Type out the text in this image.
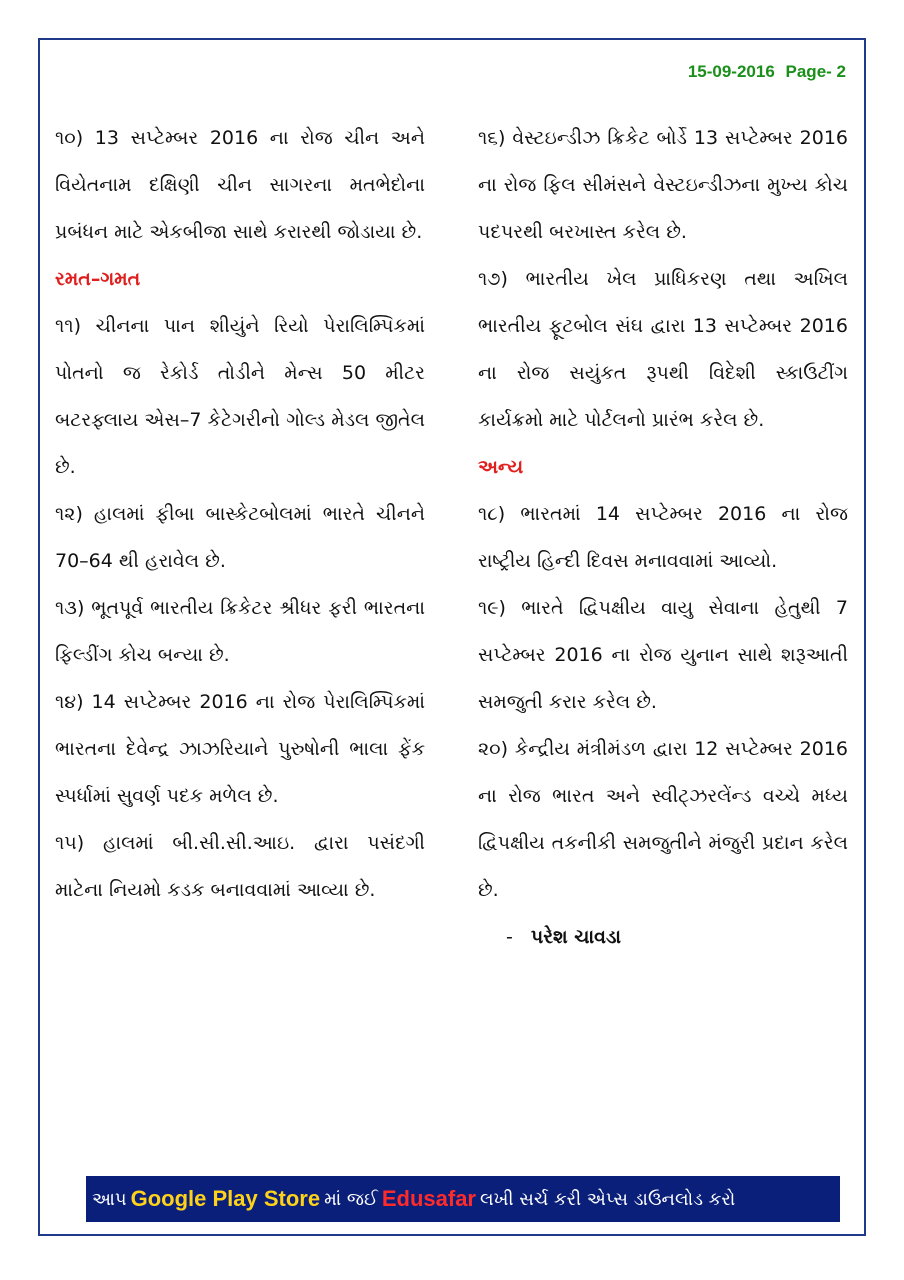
15-09-2016 Page- 2

૧૦) 13 સપ્ટેમ્બર 2016 ના રોજ ચીન અને વિયેતનામ દક્ષિણી ચીન સાગરના મતભેદોના પ્રબંધન માટે એકબીજા સાથે કરારથી જોડાયા છે.

રમત–ગમત

૧૧) ચીનના પાન શીયુંને રિયો પેરાલિમ્પિકમાં પોતનો જ રેકોર્ડ તોડીને મેન્સ 50 મીટર બટરફ્લાય એસ–7 કેટેગરીનો ગોલ્ડ મેડલ જીતેલ છે.

૧૨) હાલમાં ફીબા બાસ્કેટબોલમાં ભારતે ચીનને 70–64 થી હરાવેલ છે.

૧૩) ભૂતપૂર્વ ભારતીય ક્રિકેટર શ્રીધર ફરી ભારતના ફિલ્ડીંગ કોચ બન્યા છે.

૧૪) 14 સપ્ટેમ્બર 2016 ના રોજ પેરાલિમ્પિકમાં ભારતના દેવેન્દ્ર ઝાઝરિયાને પુરુષોની ભાલા ફેંક સ્પર્ધામાં સુવર્ણ પદક મળેલ છે.

૧૫) હાલમાં બી.સી.સી.આઇ. દ્વારા પસંદગી માટેના નિયમો કડક બનાવવામાં આવ્યા છે.

૧૬) વેસ્ટઇન્ડીઝ ક્રિકેટ બોર્ડે 13 સપ્ટેમ્બર 2016 ના રોજ ફિલ સીમંસને વેસ્ટઇન્ડીઝના મુખ્ય કોચ પદપરથી બરખાસ્ત કરેલ છે.

૧૭) ભારતીય ખેલ પ્રાધિકરણ તથા અખિલ ભારતીય ફૂટબોલ સંઘ દ્વારા 13 સપ્ટેમ્બર 2016 ના રોજ સયુંકત રૂપથી વિદેશી સ્કાઉટીંગ કાર્યક્રમો માટે પોર્ટલનો પ્રારંભ કરેલ છે.

અન્ય

૧૮) ભારતમાં 14 સપ્ટેમ્બર 2016 ના રોજ રાષ્ટ્રીય હિન્દી દિવસ મનાવવામાં આવ્યો.

૧૯) ભારતે દ્વિપક્ષીય વાયુ સેવાના હેતુથી 7 સપ્ટેમ્બર 2016 ના રોજ યુનાન સાથે શરૂઆતી સમજુતી કરાર કરેલ છે.

૨૦) કેન્દ્રીય મંત્રીમંડળ દ્વારા 12 સપ્ટેમ્બર 2016 ના રોજ ભારત અને સ્વીટ્ઝરલેંન્ડ વચ્ચે મધ્ય દ્વિપક્ષીય તકનીકી સમજુતીને મંજુરી પ્રદાન કરેલ છે.

- પરેશ ચાવડા

આપ Google Play Store માં જઈ Edusafar લખી સર્ચ કરી એપ્સ ડાઉનલોડ કરો
